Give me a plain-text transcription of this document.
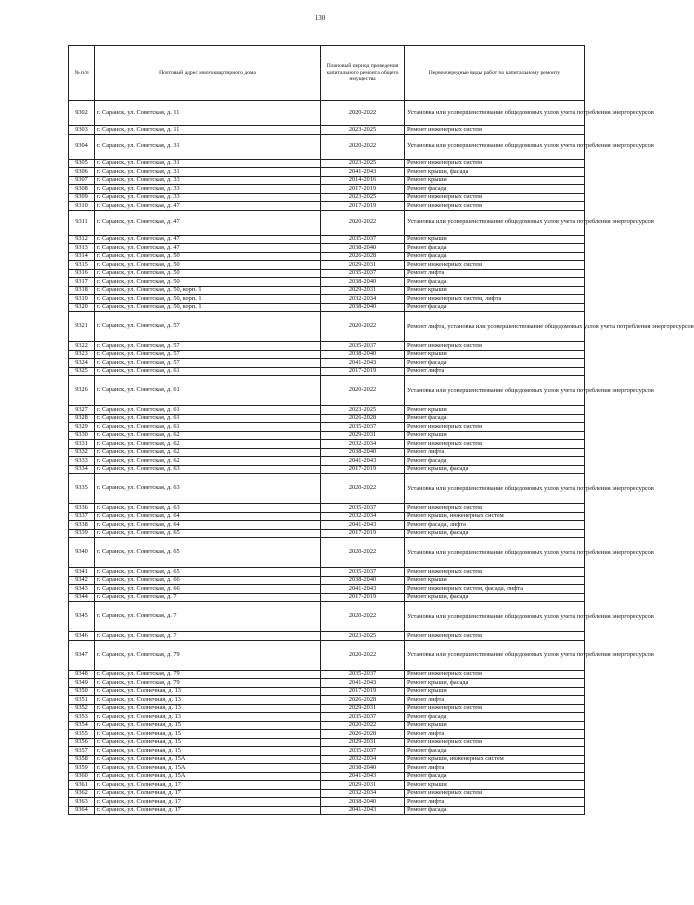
130
№ п/п	Почтовый адрес многоквартирного дома	Плановый период проведения капитального ремонта общего имущества	Первоочередные виды работ по капитальному ремонту
9302	г. Саранск, ул. Советская, д. 11	2020-2022	Установка или усовершенствование общедомовых узлов учета потребления энергоресурсов
9303	г. Саранск, ул. Советская, д. 11	2023-2025	Ремонт инженерных систем
9304	г. Саранск, ул. Советская, д. 31	2020-2022	Установка или усовершенствование общедомовых узлов учета потребления энергоресурсов
9305	г. Саранск, ул. Советская, д. 31	2023-2025	Ремонт инженерных систем
9306	г. Саранск, ул. Советская, д. 31	2041-2043	Ремонт крыши, фасада
9307	г. Саранск, ул. Советская, д. 33	2014-2016	Ремонт крыши
9308	г. Саранск, ул. Советская, д. 33	2017-2019	Ремонт фасада
9309	г. Саранск, ул. Советская, д. 33	2023-2025	Ремонт инженерных систем
9310	г. Саранск, ул. Советская, д. 47	2017-2019	Ремонт инженерных систем
9311	г. Саранск, ул. Советская, д. 47	2020-2022	Установка или усовершенствование общедомовых узлов учета потребления энергоресурсов
9312	г. Саранск, ул. Советская, д. 47	2035-2037	Ремонт крыши
9313	г. Саранск, ул. Советская, д. 47	2038-2040	Ремонт фасада
9314	г. Саранск, ул. Советская, д. 50	2026-2028	Ремонт фасада
9315	г. Саранск, ул. Советская, д. 50	2029-2031	Ремонт инженерных систем
9316	г. Саранск, ул. Советская, д. 50	2035-2037	Ремонт лифта
9317	г. Саранск, ул. Советская, д. 50	2038-2040	Ремонт фасада
9318	г. Саранск, ул. Советская, д. 50, корп. 1	2029-2031	Ремонт крыши
9319	г. Саранск, ул. Советская, д. 50, корп. 1	2032-2034	Ремонт инженерных систем, лифта
9320	г. Саранск, ул. Советская, д. 50, корп. 1	2038-2040	Ремонт фасада
9321	г. Саранск, ул. Советская, д. 57	2020-2022	Ремонт лифта, установка или усовершенствование общедомовых узлов учета потребления энергоресурсов
9322	г. Саранск, ул. Советская, д. 57	2035-2037	Ремонт инженерных систем
9323	г. Саранск, ул. Советская, д. 57	2038-2040	Ремонт крыши
9324	г. Саранск, ул. Советская, д. 57	2041-2043	Ремонт фасада
9325	г. Саранск, ул. Советская, д. 61	2017-2019	Ремонт лифта
9326	г. Саранск, ул. Советская, д. 61	2020-2022	Установка или усовершенствование общедомовых узлов учета потребления энергоресурсов
9327	г. Саранск, ул. Советская, д. 61	2023-2025	Ремонт крыши
9328	г. Саранск, ул. Советская, д. 61	2026-2028	Ремонт фасада
9329	г. Саранск, ул. Советская, д. 61	2035-2037	Ремонт инженерных систем
9330	г. Саранск, ул. Советская, д. 62	2029-2031	Ремонт крыши
9331	г. Саранск, ул. Советская, д. 62	2032-2034	Ремонт инженерных систем
9332	г. Саранск, ул. Советская, д. 62	2038-2040	Ремонт лифта
9333	г. Саранск, ул. Советская, д. 62	2041-2043	Ремонт фасада
9334	г. Саранск, ул. Советская, д. 63	2017-2019	Ремонт крыши, фасада
9335	г. Саранск, ул. Советская, д. 63	2020-2022	Установка или усовершенствование общедомовых узлов учета потребления энергоресурсов
9336	г. Саранск, ул. Советская, д. 63	2035-2037	Ремонт инженерных систем
9337	г. Саранск, ул. Советская, д. 64	2032-2034	Ремонт крыши, инженерных систем
9338	г. Саранск, ул. Советская, д. 64	2041-2043	Ремонт фасада, лифта
9339	г. Саранск, ул. Советская, д. 65	2017-2019	Ремонт крыши, фасада
9340	г. Саранск, ул. Советская, д. 65	2020-2022	Установка или усовершенствование общедомовых узлов учета потребления энергоресурсов
9341	г. Саранск, ул. Советская, д. 65	2035-2037	Ремонт инженерных систем
9342	г. Саранск, ул. Советская, д. 66	2038-2040	Ремонт крыши
9343	г. Саранск, ул. Советская, д. 66	2041-2043	Ремонт инженерных систем, фасада, лифта
9344	г. Саранск, ул. Советская, д. 7	2017-2019	Ремонт крыши, фасада
9345	г. Саранск, ул. Советская, д. 7	2020-2022	Установка или усовершенствование общедомовых узлов учета потребления энергоресурсов
9346	г. Саранск, ул. Советская, д. 7	2023-2025	Ремонт инженерных систем
9347	г. Саранск, ул. Советская, д. 79	2020-2022	Установка или усовершенствование общедомовых узлов учета потребления энергоресурсов
9348	г. Саранск, ул. Советская, д. 79	2035-2037	Ремонт инженерных систем
9349	г. Саранск, ул. Советская, д. 79	2041-2043	Ремонт крыши, фасада
9350	г. Саранск, ул. Солнечная, д. 13	2017-2019	Ремонт крыши
9351	г. Саранск, ул. Солнечная, д. 13	2026-2028	Ремонт лифта
9352	г. Саранск, ул. Солнечная, д. 13	2029-2031	Ремонт инженерных систем
9353	г. Саранск, ул. Солнечная, д. 13	2035-2037	Ремонт фасада
9354	г. Саранск, ул. Солнечная, д. 15	2020-2022	Ремонт крыши
9355	г. Саранск, ул. Солнечная, д. 15	2026-2028	Ремонт лифта
9356	г. Саранск, ул. Солнечная, д. 15	2029-2031	Ремонт инженерных систем
9357	г. Саранск, ул. Солнечная, д. 15	2035-2037	Ремонт фасада
9358	г. Саранск, ул. Солнечная, д. 15А	2032-2034	Ремонт крыши, инженерных систем
9359	г. Саранск, ул. Солнечная, д. 15А	2038-2040	Ремонт лифта
9360	г. Саранск, ул. Солнечная, д. 15А	2041-2043	Ремонт фасада
9361	г. Саранск, ул. Солнечная, д. 17	2029-2031	Ремонт крыши
9362	г. Саранск, ул. Солнечная, д. 17	2032-2034	Ремонт инженерных систем
9363	г. Саранск, ул. Солнечная, д. 17	2038-2040	Ремонт лифта
9364	г. Саранск, ул. Солнечная, д. 17	2041-2043	Ремонт фасада
